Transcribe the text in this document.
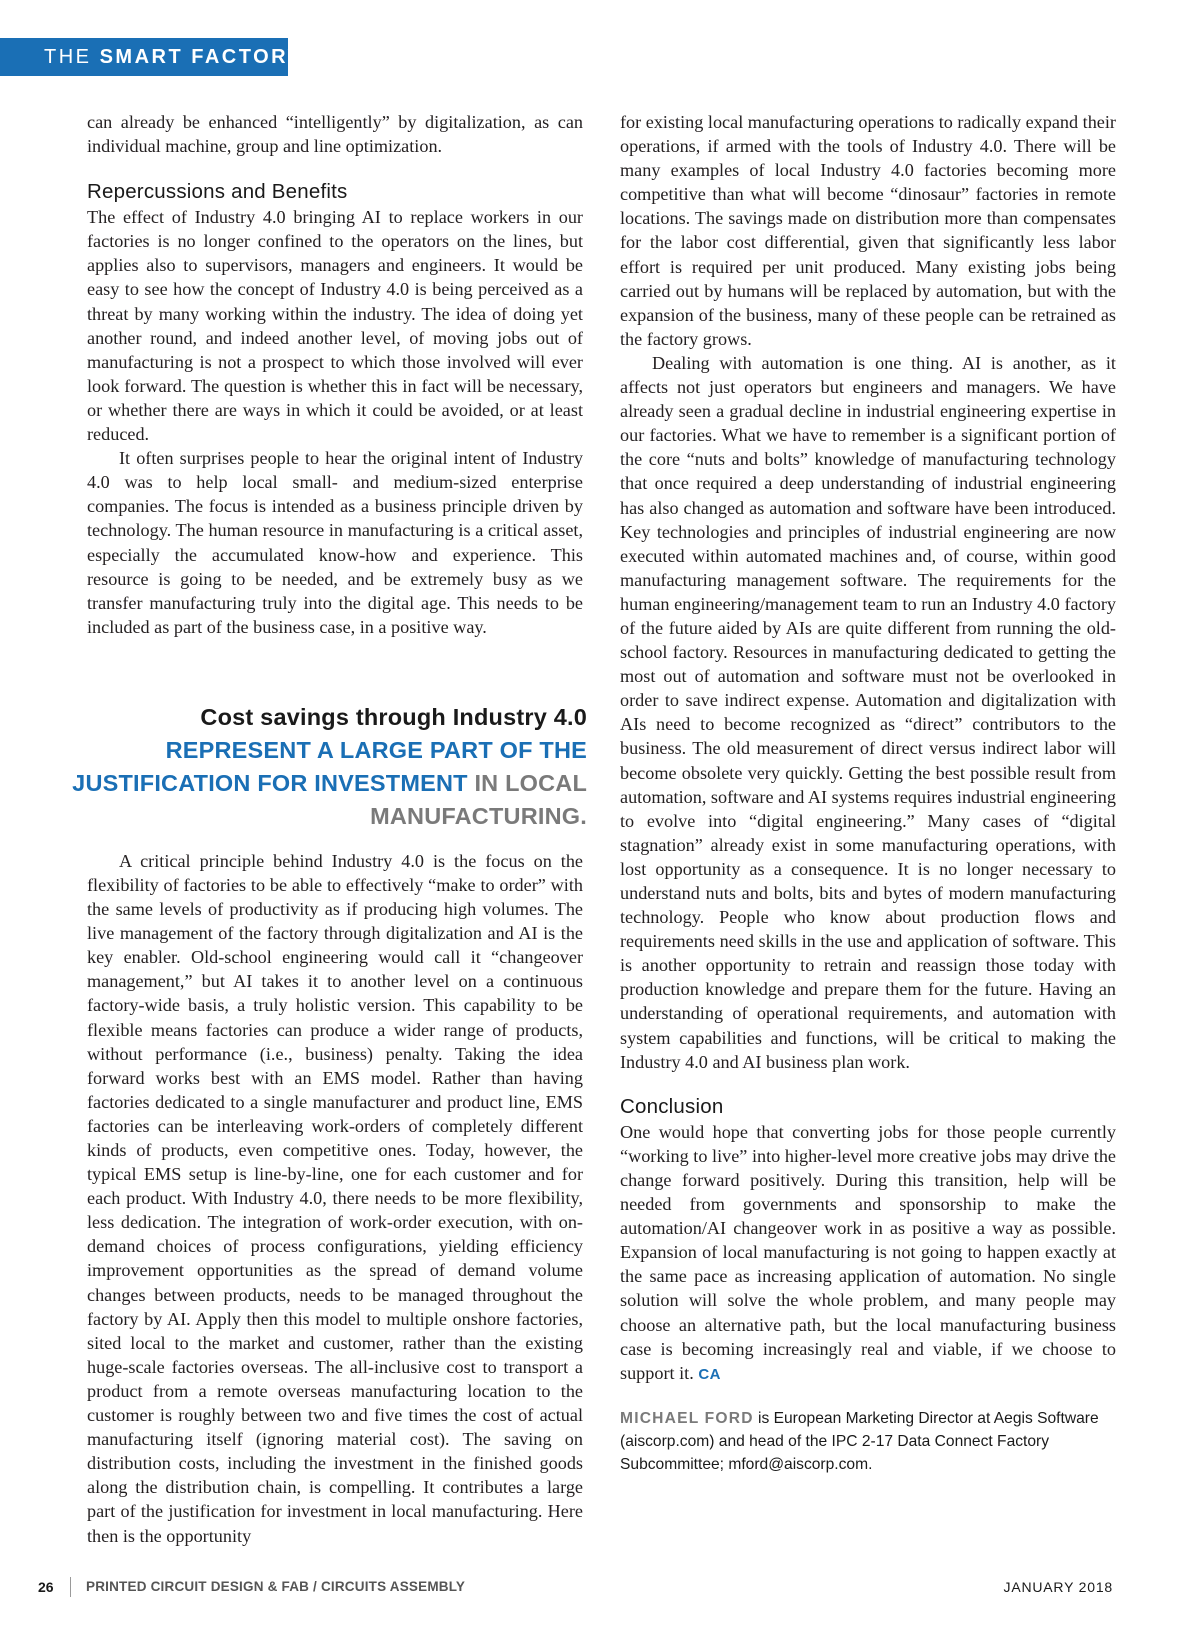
THE SMART FACTORY

can already be enhanced “intelligently” by digitalization, as can individual machine, group and line optimization.

Repercussions and Benefits

The effect of Industry 4.0 bringing AI to replace workers in our factories is no longer confined to the operators on the lines, but applies also to supervisors, managers and engineers. It would be easy to see how the concept of Industry 4.0 is being perceived as a threat by many working within the industry. The idea of doing yet another round, and indeed another level, of moving jobs out of manufacturing is not a prospect to which those involved will ever look forward. The question is whether this in fact will be necessary, or whether there are ways in which it could be avoided, or at least reduced.

It often surprises people to hear the original intent of Industry 4.0 was to help local small- and medium-sized enterprise companies. The focus is intended as a business principle driven by technology. The human resource in manufacturing is a critical asset, especially the accumulated know-how and experience. This resource is going to be needed, and be extremely busy as we transfer manufacturing truly into the digital age. This needs to be included as part of the business case, in a positive way.

A critical principle behind Industry 4.0 is the focus on the flexibility of factories to be able to effectively “make to order” with the same levels of productivity as if producing high volumes. The live management of the factory through digitalization and AI is the key enabler. Old-school engineering would call it “changeover management,” but AI takes it to another level on a continuous factory-wide basis, a truly holistic version. This capability to be flexible means factories can produce a wider range of products, without performance (i.e., business) penalty. Taking the idea forward works best with an EMS model. Rather than having factories dedicated to a single manufacturer and product line, EMS factories can be interleaving work-orders of completely different kinds of products, even competitive ones. Today, however, the typical EMS setup is line-by-line, one for each customer and for each product. With Industry 4.0, there needs to be more flexibility, less dedication. The integration of work-order execution, with on-demand choices of process configurations, yielding efficiency improvement opportunities as the spread of demand volume changes between products, needs to be managed throughout the factory by AI. Apply then this model to multiple onshore factories, sited local to the market and customer, rather than the existing huge-scale factories overseas. The all-inclusive cost to transport a product from a remote overseas manufacturing location to the customer is roughly between two and five times the cost of actual manufacturing itself (ignoring material cost). The saving on distribution costs, including the investment in the finished goods along the distribution chain, is compelling. It contributes a large part of the justification for investment in local manufacturing. Here then is the opportunity

Cost savings through Industry 4.0 REPRESENT A LARGE PART OF THE JUSTIFICATION FOR INVESTMENT IN LOCAL MANUFACTURING.

for existing local manufacturing operations to radically expand their operations, if armed with the tools of Industry 4.0. There will be many examples of local Industry 4.0 factories becoming more competitive than what will become “dinosaur” factories in remote locations. The savings made on distribution more than compensates for the labor cost differential, given that significantly less labor effort is required per unit produced. Many existing jobs being carried out by humans will be replaced by automation, but with the expansion of the business, many of these people can be retrained as the factory grows.

Dealing with automation is one thing. AI is another, as it affects not just operators but engineers and managers. We have already seen a gradual decline in industrial engineering expertise in our factories. What we have to remember is a significant portion of the core “nuts and bolts” knowledge of manufacturing technology that once required a deep understanding of industrial engineering has also changed as automation and software have been introduced. Key technologies and principles of industrial engineering are now executed within automated machines and, of course, within good manufacturing management software. The requirements for the human engineering/management team to run an Industry 4.0 factory of the future aided by AIs are quite different from running the old-school factory. Resources in manufacturing dedicated to getting the most out of automation and software must not be overlooked in order to save indirect expense. Automation and digitalization with AIs need to become recognized as “direct” contributors to the business. The old measurement of direct versus indirect labor will become obsolete very quickly. Getting the best possible result from automation, software and AI systems requires industrial engineering to evolve into “digital engineering.” Many cases of “digital stagnation” already exist in some manufacturing operations, with lost opportunity as a consequence. It is no longer necessary to understand nuts and bolts, bits and bytes of modern manufacturing technology. People who know about production flows and requirements need skills in the use and application of software. This is another opportunity to retrain and reassign those today with production knowledge and prepare them for the future. Having an understanding of operational requirements, and automation with system capabilities and functions, will be critical to making the Industry 4.0 and AI business plan work.

Conclusion

One would hope that converting jobs for those people currently “working to live” into higher-level more creative jobs may drive the change forward positively. During this transition, help will be needed from governments and sponsorship to make the automation/AI changeover work in as positive a way as possible. Expansion of local manufacturing is not going to happen exactly at the same pace as increasing application of automation. No single solution will solve the whole problem, and many people may choose an alternative path, but the local manufacturing business case is becoming increasingly real and viable, if we choose to support it. CA

MICHAEL FORD is European Marketing Director at Aegis Software (aiscorp.com) and head of the IPC 2-17 Data Connect Factory Subcommittee; mford@aiscorp.com.

26 PRINTED CIRCUIT DESIGN & FAB / CIRCUITS ASSEMBLY	JANUARY 2018
